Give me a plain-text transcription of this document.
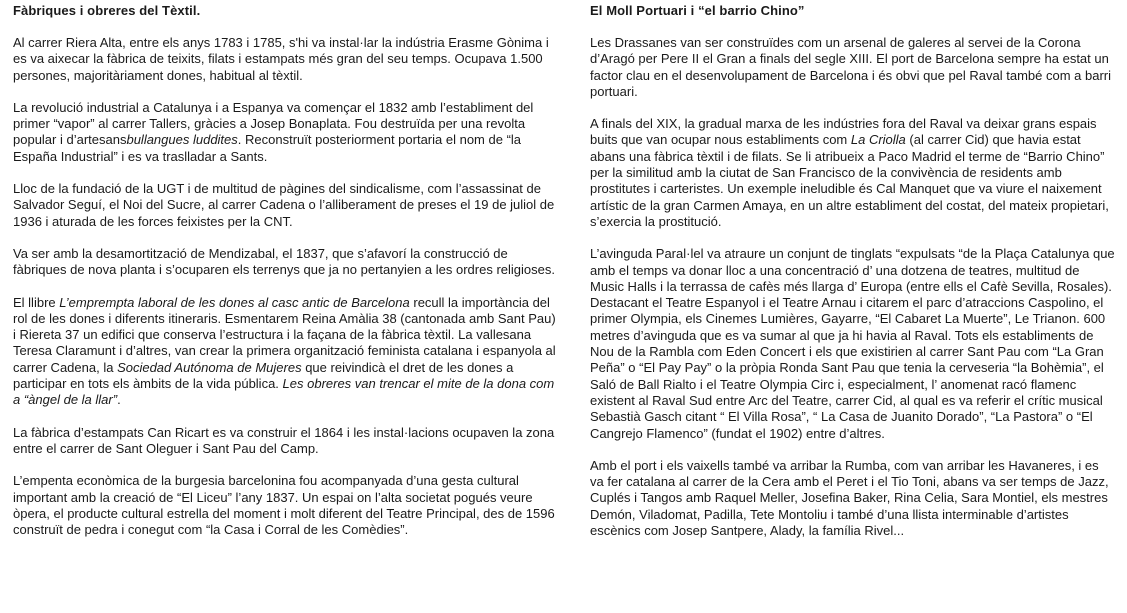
Fàbriques i obreres del Tèxtil.

Al carrer Riera Alta, entre els anys 1783 i 1785, s'hi va instal·lar la indústria Erasme Gònima i es va aixecar la fàbrica de teixits, filats i estampats més gran del seu temps. Ocupava 1.500 persones, majoritàriament dones, habitual al tèxtil.

La revolució industrial a Catalunya i a Espanya va començar el 1832 amb l’establiment del primer “vapor” al carrer Tallers, gràcies a Josep Bonaplata. Fou destruïda per una revolta popular i d’artesansbullangues luddites. Reconstruït posteriorment portaria el nom de “la España Industrial” i es va traslladar a Sants.

Lloc de la fundació de la UGT i de multitud de pàgines del sindicalisme, com l’assassinat de Salvador Seguí, el Noi del Sucre, al carrer Cadena o l’alliberament de preses el 19 de juliol de 1936 i aturada de les forces feixistes per la CNT.

Va ser amb la desamortització de Mendizabal, el 1837, que s’afavorí la construcció de fàbriques de nova planta i s’ocuparen els terrenys que ja no pertanyien a les ordres religioses.

El llibre L’emprempta laboral de les dones al casc antic de Barcelona recull la importància del rol de les dones i diferents itineraris. Esmentarem Reina Amàlia 38 (cantonada amb Sant Pau) i Riereta 37 un edifici que conserva l’estructura i la façana de la fàbrica tèxtil. La vallesana Teresa Claramunt i d’altres, van crear la primera organització feminista catalana i espanyola al carrer Cadena, la Sociedad Autónoma de Mujeres que reivindicà el dret de les dones a participar en tots els àmbits de la vida pública. Les obreres van trencar el mite de la dona com a “àngel de la llar”.

La fàbrica d’estampats Can Ricart es va construir el 1864 i les instal·lacions ocupaven la zona entre el carrer de Sant Oleguer i Sant Pau del Camp.

L’empenta econòmica de la burgesia barcelonina fou acompanyada d’una gesta cultural important amb la creació de “El Liceu” l’any 1837. Un espai on l’alta societat pogués veure òpera, el producte cultural estrella del moment i molt diferent del Teatre Principal, des de 1596 construït de pedra i conegut com “la Casa i Corral de les Comèdies”.

El Moll Portuari i “el barrio Chino”

Les Drassanes van ser construïdes com un arsenal de galeres al servei de la Corona d’Aragó per Pere II el Gran a finals del segle XIII. El port de Barcelona sempre ha estat un factor clau en el desenvolupament de Barcelona i és obvi que pel Raval també com a barri portuari.

A finals del XIX, la gradual marxa de les indústries fora del Raval va deixar grans espais buits que van ocupar nous establiments com La Criolla (al carrer Cid) que havia estat abans una fàbrica tèxtil i de filats. Se li atribueix a Paco Madrid el terme de “Barrio Chino” per la similitud amb la ciutat de San Francisco de la convivència de residents amb prostitutes i carteristes. Un exemple ineludible és Cal Manquet que va viure el naixement artístic de la gran Carmen Amaya, en un altre establiment del costat, del mateix propietari, s’exercia la prostitució.

L’avinguda Paral·lel va atraure un conjunt de tinglats “expulsats “de la Plaça Catalunya que amb el temps va donar lloc a una concentració d’ una dotzena de teatres, multitud de Music Halls i la terrassa de cafès més llarga d’ Europa (entre ells el Cafè Sevilla, Rosales). Destacant el Teatre Espanyol i el Teatre Arnau i citarem el parc d’atraccions Caspolino, el primer Olympia, els Cinemes Lumières, Gayarre, “El Cabaret La Muerte”, Le Trianon. 600 metres d’avinguda que es va sumar al que ja hi havia al Raval. Tots els establiments de Nou de la Rambla com Eden Concert i els que existirien al carrer Sant Pau com “La Gran Peña” o “El Pay Pay” o la pròpia Ronda Sant Pau que tenia la cerveseria “la Bohèmia”, el Saló de Ball Rialto i el Teatre Olympia Circ i, especialment, l’ anomenat racó flamenc existent al Raval Sud entre Arc del Teatre, carrer Cid, al qual es va referir el crític musical Sebastià Gasch citant “ El Villa Rosa”, “ La Casa de Juanito Dorado”, “La Pastora” o “El Cangrejo Flamenco” (fundat el 1902) entre d’altres.

Amb el port i els vaixells també va arribar la Rumba, com van arribar les Havaneres, i es va fer catalana al carrer de la Cera amb el Peret i el Tio Toni, abans va ser temps de Jazz, Cuplés i Tangos amb Raquel Meller, Josefina Baker, Rina Celia, Sara Montiel, els mestres Demón, Viladomat, Padilla, Tete Montoliu i també d’una llista interminable d’artistes escènics com Josep Santpere, Alady, la família Rivel...
